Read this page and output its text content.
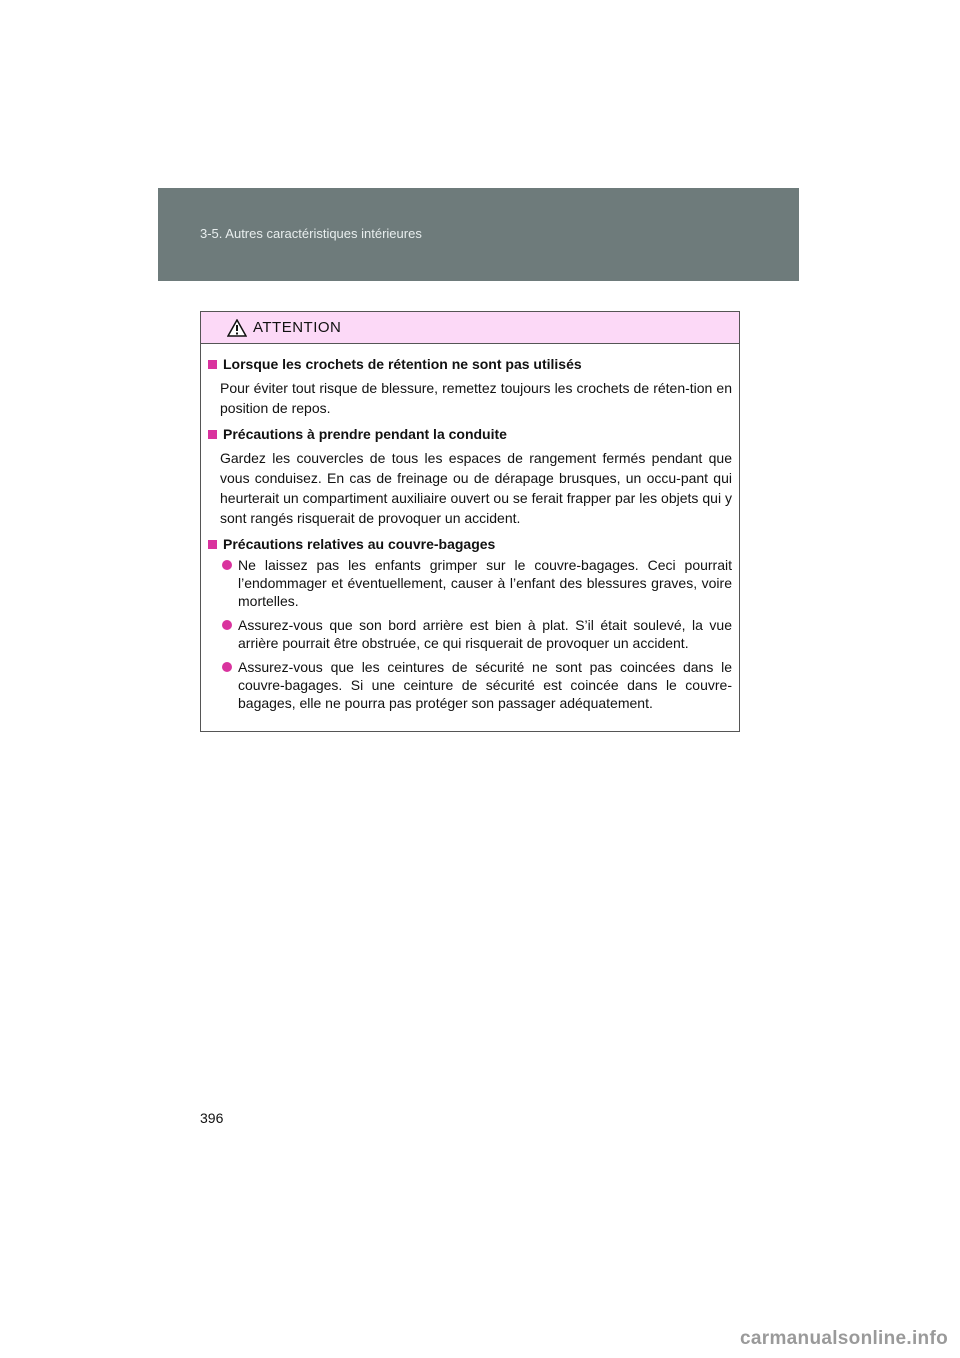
3-5. Autres caractéristiques intérieures
ATTENTION
Lorsque les crochets de rétention ne sont pas utilisés
Pour éviter tout risque de blessure, remettez toujours les crochets de réten-tion en position de repos.
Précautions à prendre pendant la conduite
Gardez les couvercles de tous les espaces de rangement fermés pendant que vous conduisez. En cas de freinage ou de dérapage brusques, un occu-pant qui heurterait un compartiment auxiliaire ouvert ou se ferait frapper par les objets qui y sont rangés risquerait de provoquer un accident.
Précautions relatives au couvre-bagages
Ne laissez pas les enfants grimper sur le couvre-bagages. Ceci pourrait l’endommager et éventuellement, causer à l’enfant des blessures graves, voire mortelles.
Assurez-vous que son bord arrière est bien à plat. S’il était soulevé, la vue arrière pourrait être obstruée, ce qui risquerait de provoquer un accident.
Assurez-vous que les ceintures de sécurité ne sont pas coincées dans le couvre-bagages. Si une ceinture de sécurité est coincée dans le couvre-bagages, elle ne pourra pas protéger son passager adéquatement.
396
carmanualsonline.info
